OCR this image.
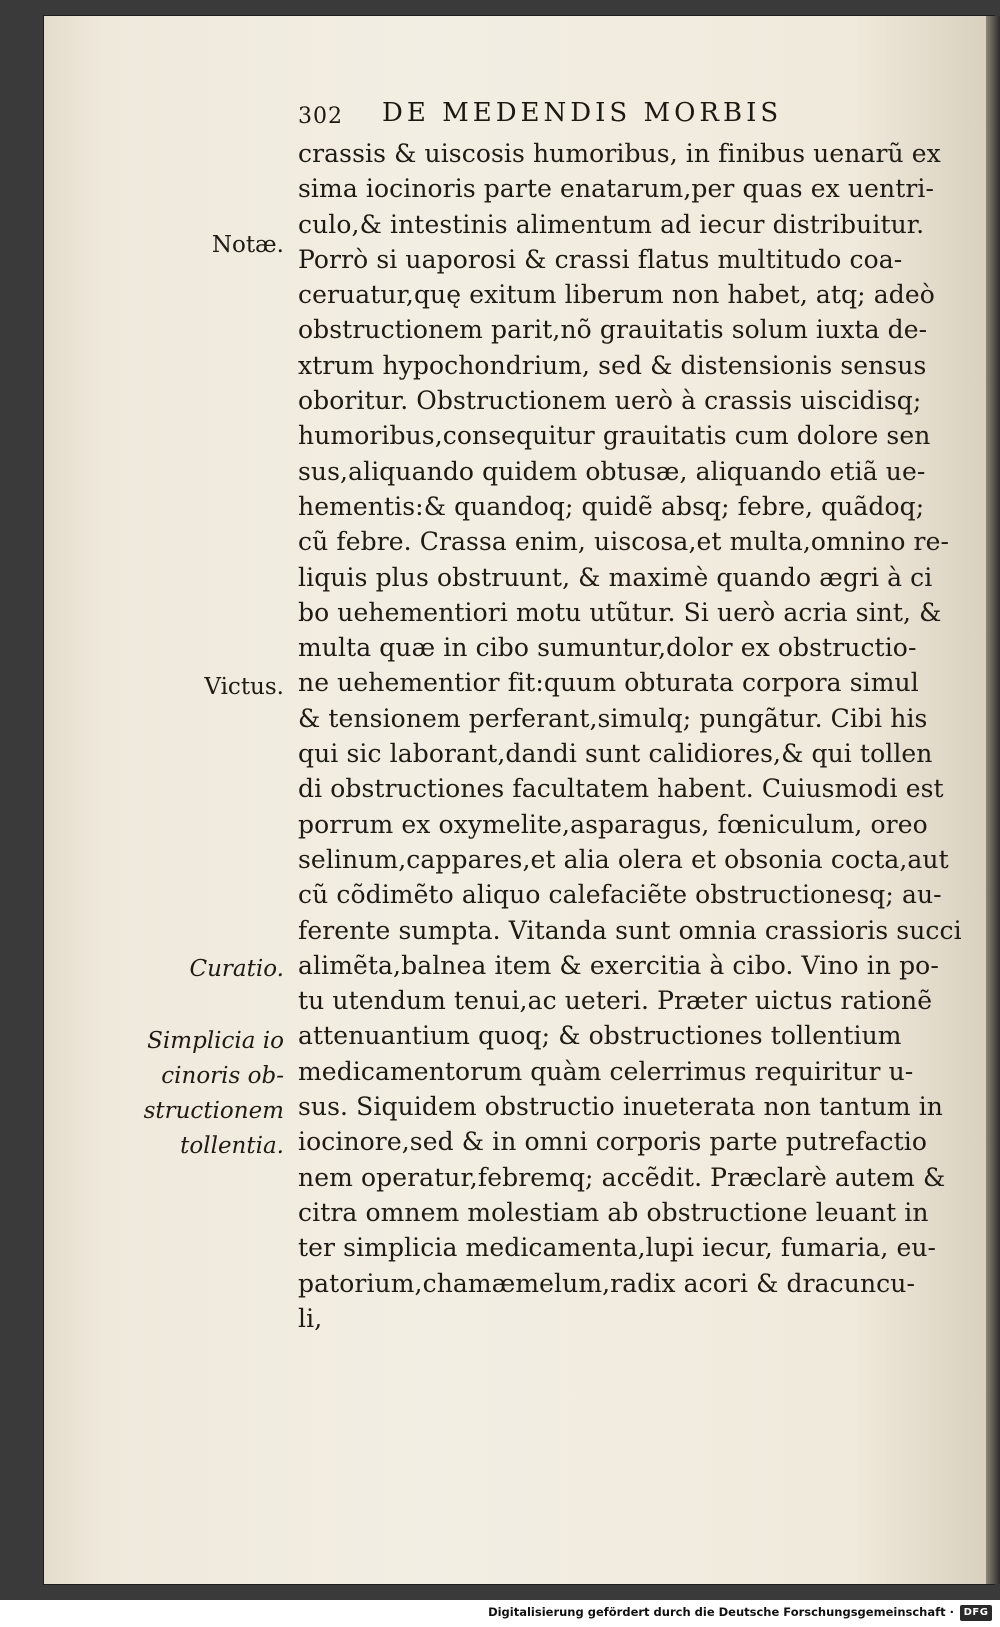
Notæ.
Victus.
Curatio.
Simplicia io
cinoris ob-
structionem
tollentia.
302 DE MEDENDIS MORBIS
crassis & uiscosis humoribus, in finibus uenarũ ex
sima iocinoris parte enatarum,per quas ex uentri-
culo,& intestinis alimentum ad iecur distribuitur.
Porrò si uaporosi & crassi flatus multitudo coa-
ceruatur,quę exitum liberum non habet, atq; adeò
obstructionem parit,nõ grauitatis solum iuxta de-
xtrum hypochondrium, sed & distensionis sensus
oboritur. Obstructionem uerò à crassis uiscidisq;
humoribus,consequitur grauitatis cum dolore sen
sus,aliquando quidem obtusæ, aliquando etiã ue-
hementis:& quandoq; quidẽ absq; febre, quãdoq;
cũ febre. Crassa enim, uiscosa,et multa,omnino re-
liquis plus obstruunt, & maximè quando ægri à ci
bo uehementiori motu utũtur. Si uerò acria sint, &
multa quæ in cibo sumuntur,dolor ex obstructio-
ne uehementior fit:quum obturata corpora simul
& tensionem perferant,simulq; pungãtur. Cibi his
qui sic laborant,dandi sunt calidiores,& qui tollen
di obstructiones facultatem habent. Cuiusmodi est
porrum ex oxymelite,asparagus, fœniculum, oreo
selinum,cappares,et alia olera et obsonia cocta,aut
cũ cõdimẽto aliquo calefaciẽte obstructionesq; au-
ferente sumpta. Vitanda sunt omnia crassioris succi
alimẽta,balnea item & exercitia à cibo. Vino in po-
tu utendum tenui,ac ueteri. Præter uictus rationẽ
attenuantium quoq; & obstructiones tollentium
medicamentorum quàm celerrimus requiritur u-
sus. Siquidem obstructio inueterata non tantum in
iocinore,sed & in omni corporis parte putrefactio
nem operatur,febremq; accẽdit. Præclarè autem &
citra omnem molestiam ab obstructione leuant in
ter simplicia medicamenta,lupi iecur, fumaria, eu-
patorium,chamæmelum,radix acori & dracuncu-
li,
Digitalisierung gefördert durch die Deutsche Forschungsgemeinschaft · DFG
